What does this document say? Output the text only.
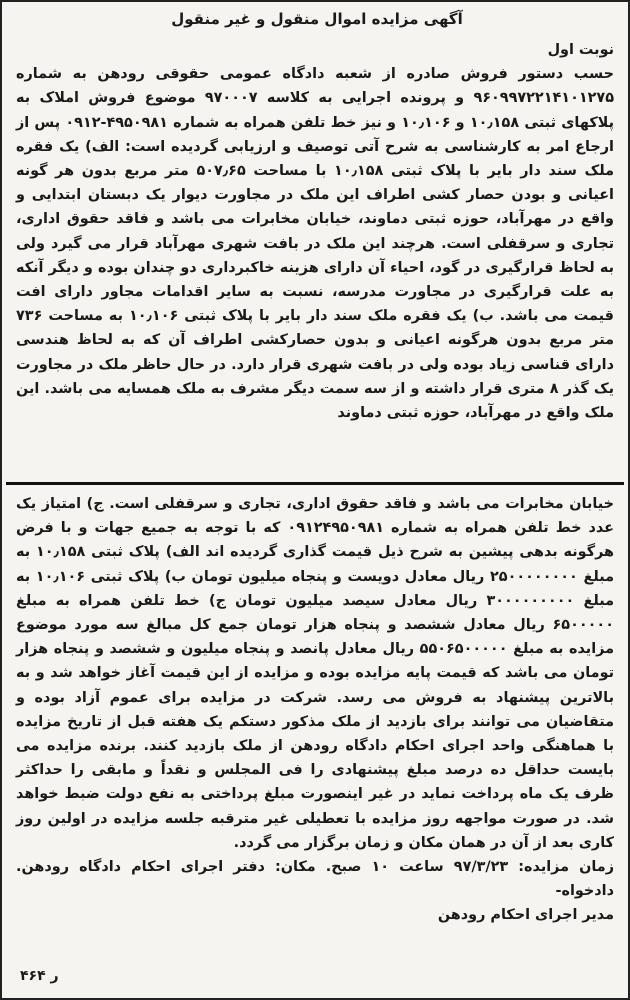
آگهی مزایده اموال منقول و غیر منقول
نوبت اول
حسب دستور فروش صادره از شعبه دادگاه عمومی حقوقی رودهن به شماره ۹۶۰۹۹۷۲۲۱۴۱۰۱۲۷۵ و پرونده اجرایی به کلاسه ۹۷۰۰۰۷ موضوع فروش املاک به پلاکهای ثبتی ۱۰٫۱۵۸ و ۱۰٫۱۰۶ و نیز خط تلفن همراه به شماره ۴۹۵۰۹۸۱-۰۹۱۲ پس از ارجاع امر به کارشناسی به شرح آتی توصیف و ارزیابی گردیده است: الف) یک فقره ملک سند دار بایر با پلاک ثبتی ۱۰٫۱۵۸ با مساحت ۵۰۷٫۶۵ متر مربع بدون هر گونه اعیانی و بودن حصار کشی اطراف این ملک در مجاورت دیوار یک دبستان ابتدایی و واقع در مهرآباد، حوزه ثبتی دماوند، خیابان مخابرات می باشد و فاقد حقوق اداری، تجاری و سرقفلی است. هرچند این ملک در بافت شهری مهرآباد قرار می گیرد ولی به لحاظ قرارگیری در گود، احیاء آن دارای هزینه خاکبرداری دو چندان بوده و دیگر آنکه به علت قرارگیری در مجاورت مدرسه، نسبت به سایر اقدامات مجاور دارای افت قیمت می باشد. ب) یک فقره ملک سند دار بایر با پلاک ثبتی ۱۰٫۱۰۶ به مساحت ۷۳۶ متر مربع بدون هرگونه اعیانی و بدون حصارکشی اطراف آن که به لحاظ هندسی دارای قناسی زیاد بوده ولی در بافت شهری قرار دارد. در حال حاظر ملک در مجاورت یک گذر ۸ متری قرار داشته و از سه سمت دیگر مشرف به ملک همسایه می باشد. این ملک واقع در مهرآباد، حوزه ثبتی دماوند
خیابان مخابرات می باشد و فاقد حقوق اداری، تجاری و سرقفلی است. ج) امتیاز یک عدد خط تلفن همراه به شماره ۰۹۱۲۴۹۵۰۹۸۱ که با توجه به جمیع جهات و با فرض هرگونه بدهی پیشین به شرح ذیل قیمت گذاری گردیده اند الف) پلاک ثبتی ۱۰٫۱۵۸ به مبلغ ۲۵۰۰۰۰۰۰۰۰ ریال معادل دویست و پنجاه میلیون تومان ب) پلاک ثبتی ۱۰٫۱۰۶ به مبلغ ۳۰۰۰۰۰۰۰۰۰ ریال معادل سیصد میلیون تومان ج) خط تلفن همراه به مبلغ ۶۵۰۰۰۰۰ ریال معادل ششصد و پنجاه هزار تومان جمع کل مبالغ سه مورد موضوع مزایده به مبلغ ۵۵۰۶۵۰۰۰۰۰ ریال معادل پانصد و پنجاه میلیون و ششصد و پنجاه هزار تومان می باشد که قیمت پایه مزایده بوده و مزایده از این قیمت آغاز خواهد شد و به بالاترین پیشنهاد به فروش می رسد. شرکت در مزایده برای عموم آزاد بوده و متقاضیان می توانند برای بازدید از ملک مذکور دستکم یک هفته قبل از تاریخ مزایده با هماهنگی واحد اجرای احکام دادگاه رودهن از ملک بازدید کنند. برنده مزایده می بایست حداقل ده درصد مبلغ پیشنهادی را فی المجلس و نقداً و مابقی را حداکثر ظرف یک ماه پرداخت نماید در غیر اینصورت مبلغ پرداختی به نفع دولت ضبط خواهد شد. در صورت مواجهه روز مزایده با تعطیلی غیر مترقبه جلسه مزایده در اولین روز کاری بعد از آن در همان مکان و زمان برگزار می گردد.
زمان مزایده: ۹۷/۳/۲۳ ساعت ۱۰ صبح. مکان: دفتر اجرای احکام دادگاه رودهن. دادخواه-
مدیر اجرای احکام رودهن
ر ۴۶۴
